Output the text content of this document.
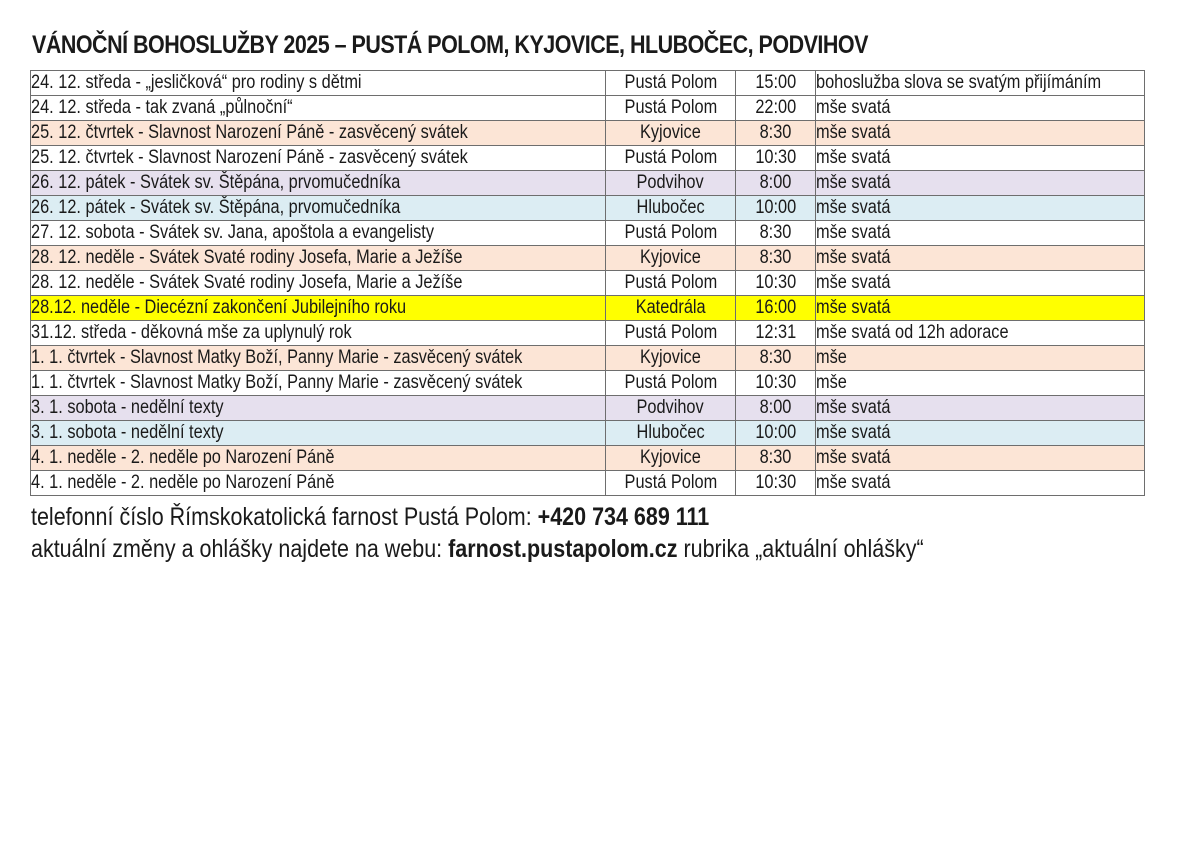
VÁNOČNÍ BOHOSLUŽBY 2025 – PUSTÁ POLOM, KYJOVICE, HLUBOČEC, PODVIHOV
24. 12. středa - „jesličková“ pro rodiny s dětmi	Pustá Polom	15:00	bohoslužba slova se svatým přijímáním
24. 12. středa - tak zvaná „půlnoční“	Pustá Polom	22:00	mše svatá
25. 12. čtvrtek - Slavnost Narození Páně - zasvěcený svátek	Kyjovice	8:30	mše svatá
25. 12. čtvrtek - Slavnost Narození Páně - zasvěcený svátek	Pustá Polom	10:30	mše svatá
26. 12. pátek - Svátek sv. Štěpána, prvomučedníka	Podvihov	8:00	mše svatá
26. 12. pátek - Svátek sv. Štěpána, prvomučedníka	Hlubočec	10:00	mše svatá
27. 12. sobota - Svátek sv. Jana, apoštola a evangelisty	Pustá Polom	8:30	mše svatá
28. 12. neděle - Svátek Svaté rodiny Josefa, Marie a Ježíše	Kyjovice	8:30	mše svatá
28. 12. neděle - Svátek Svaté rodiny Josefa, Marie a Ježíše	Pustá Polom	10:30	mše svatá
28.12. neděle - Diecézní zakončení Jubilejního roku	Katedrála	16:00	mše svatá
31.12. středa - děkovná mše za uplynulý rok	Pustá Polom	12:31	mše svatá od 12h adorace
1. 1. čtvrtek - Slavnost Matky Boží, Panny Marie - zasvěcený svátek	Kyjovice	8:30	mše
1. 1. čtvrtek - Slavnost Matky Boží, Panny Marie - zasvěcený svátek	Pustá Polom	10:30	mše
3. 1. sobota - nedělní texty	Podvihov	8:00	mše svatá
3. 1. sobota - nedělní texty	Hlubočec	10:00	mše svatá
4. 1. neděle - 2. neděle po Narození Páně	Kyjovice	8:30	mše svatá
4. 1. neděle - 2. neděle po Narození Páně	Pustá Polom	10:30	mše svatá
telefonní číslo Římskokatolická farnost Pustá Polom: +420 734 689 111
aktuální změny a ohlášky najdete na webu: farnost.pustapolom.cz rubrika „aktuální ohlášky“
